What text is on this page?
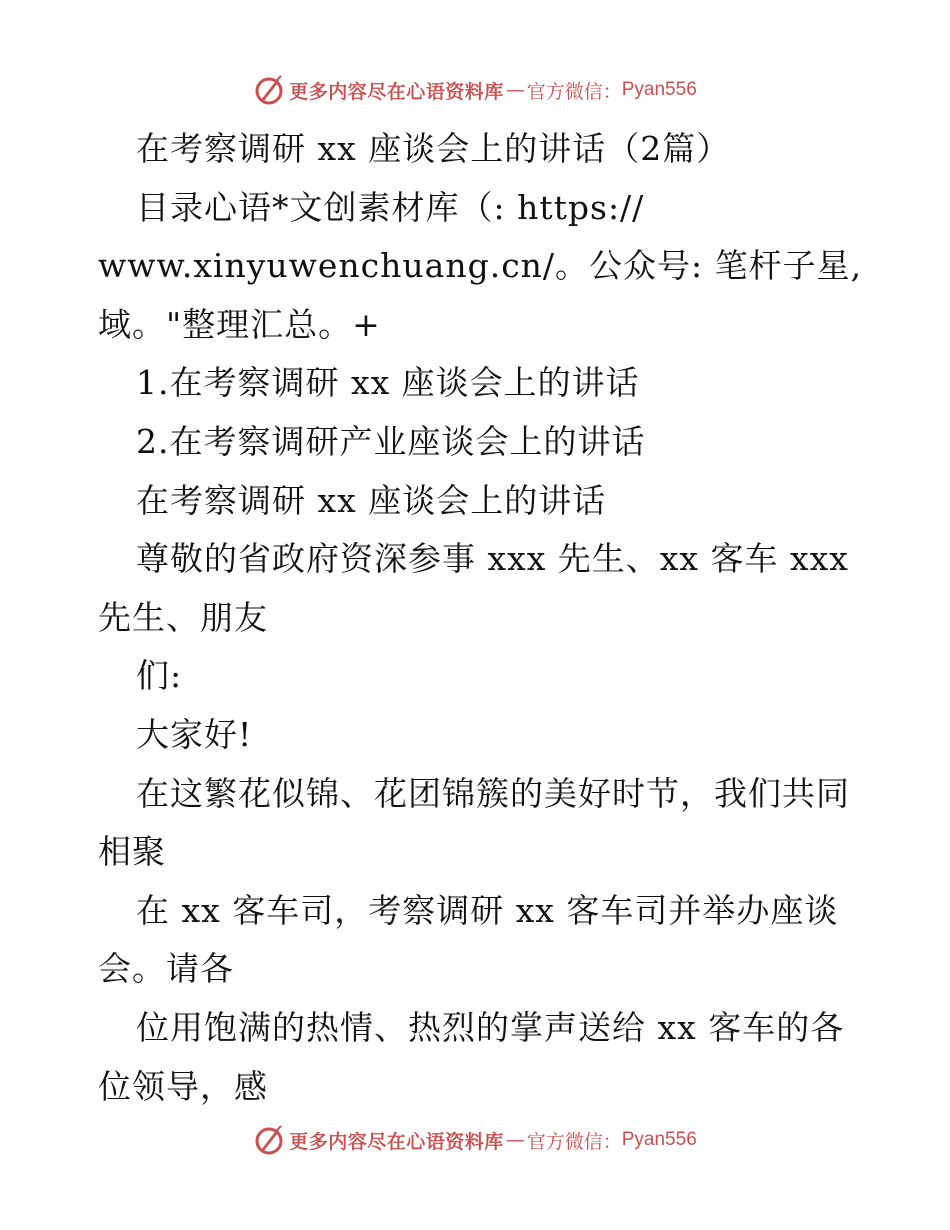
更多内容尽在心语资料库 — 官方微信： Pyan556
在考察调研 xx 座谈会上的讲话（2篇）
目录心语*文创素材库（: https://
www.xinyuwenchuang.cn/。公众号: 笔杆子星,
域。"整理汇总。+
1.在考察调研 xx 座谈会上的讲话
2.在考察调研产业座谈会上的讲话
在考察调研 xx 座谈会上的讲话
尊敬的省政府资深参事 xxx 先生、xx 客车 xxx
先生、朋友
们:
大家好!
在这繁花似锦、花团锦簇的美好时节，我们共同
相聚
在 xx 客车司，考察调研 xx 客车司并举办座谈
会。请各
位用饱满的热情、热烈的掌声送给 xx 客车的各
位领导，感
更多内容尽在心语资料库 — 官方微信： Pyan556
